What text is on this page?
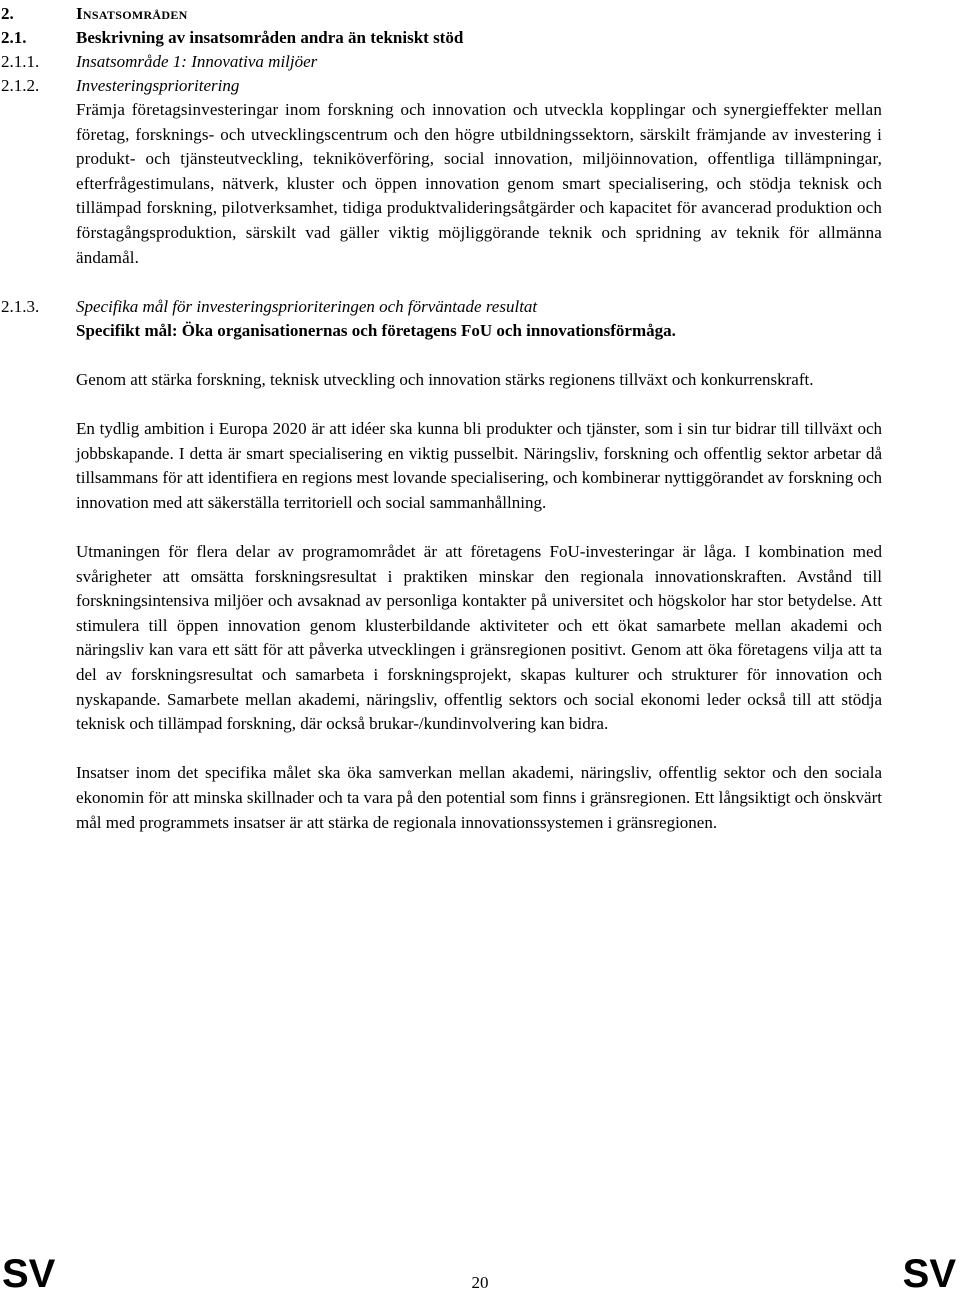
2.	Insatsområden
2.1.	Beskrivning av insatsområden andra än tekniskt stöd
2.1.1. Insatsområde 1: Innovativa miljöer
2.1.2. Investeringsprioritering

Främja företagsinvesteringar inom forskning och innovation och utveckla kopplingar och synergieffekter mellan företag, forsknings- och utvecklingscentrum och den högre utbildningssektorn, särskilt främjande av investering i produkt- och tjänsteutveckling, tekniköverföring, social innovation, miljöinnovation, offentliga tillämpningar, efterfrågestimulans, nätverk, kluster och öppen innovation genom smart specialisering, och stödja teknisk och tillämpad forskning, pilotverksamhet, tidiga produktvalideringsåtgärder och kapacitet för avancerad produktion och förstagångsproduktion, särskilt vad gäller viktig möjliggörande teknik och spridning av teknik för allmänna ändamål.

2.1.3. Specifika mål för investeringsprioriteringen och förväntade resultat
Specifikt mål: Öka organisationernas och företagens FoU och innovationsförmåga.

Genom att stärka forskning, teknisk utveckling och innovation stärks regionens tillväxt och konkurrenskraft.

En tydlig ambition i Europa 2020 är att idéer ska kunna bli produkter och tjänster, som i sin tur bidrar till tillväxt och jobbskapande. I detta är smart specialisering en viktig pusselbit. Näringsliv, forskning och offentlig sektor arbetar då tillsammans för att identifiera en regions mest lovande specialisering, och kombinerar nyttiggörandet av forskning och innovation med att säkerställa territoriell och social sammanhållning.

Utmaningen för flera delar av programområdet är att företagens FoU-investeringar är låga. I kombination med svårigheter att omsätta forskningsresultat i praktiken minskar den regionala innovationskraften. Avstånd till forskningsintensiva miljöer och avsaknad av personliga kontakter på universitet och högskolor har stor betydelse. Att stimulera till öppen innovation genom klusterbildande aktiviteter och ett ökat samarbete mellan akademi och näringsliv kan vara ett sätt för att påverka utvecklingen i gränsregionen positivt. Genom att öka företagens vilja att ta del av forskningsresultat och samarbeta i forskningsprojekt, skapas kulturer och strukturer för innovation och nyskapande. Samarbete mellan akademi, näringsliv, offentlig sektors och social ekonomi leder också till att stödja teknisk och tillämpad forskning, där också brukar-/kundinvolvering kan bidra.

Insatser inom det specifika målet ska öka samverkan mellan akademi, näringsliv, offentlig sektor och den sociala ekonomin för att minska skillnader och ta vara på den potential som finns i gränsregionen. Ett långsiktigt och önskvärt mål med programmets insatser är att stärka de regionala innovationssystemen i gränsregionen.

SV	20	SV
